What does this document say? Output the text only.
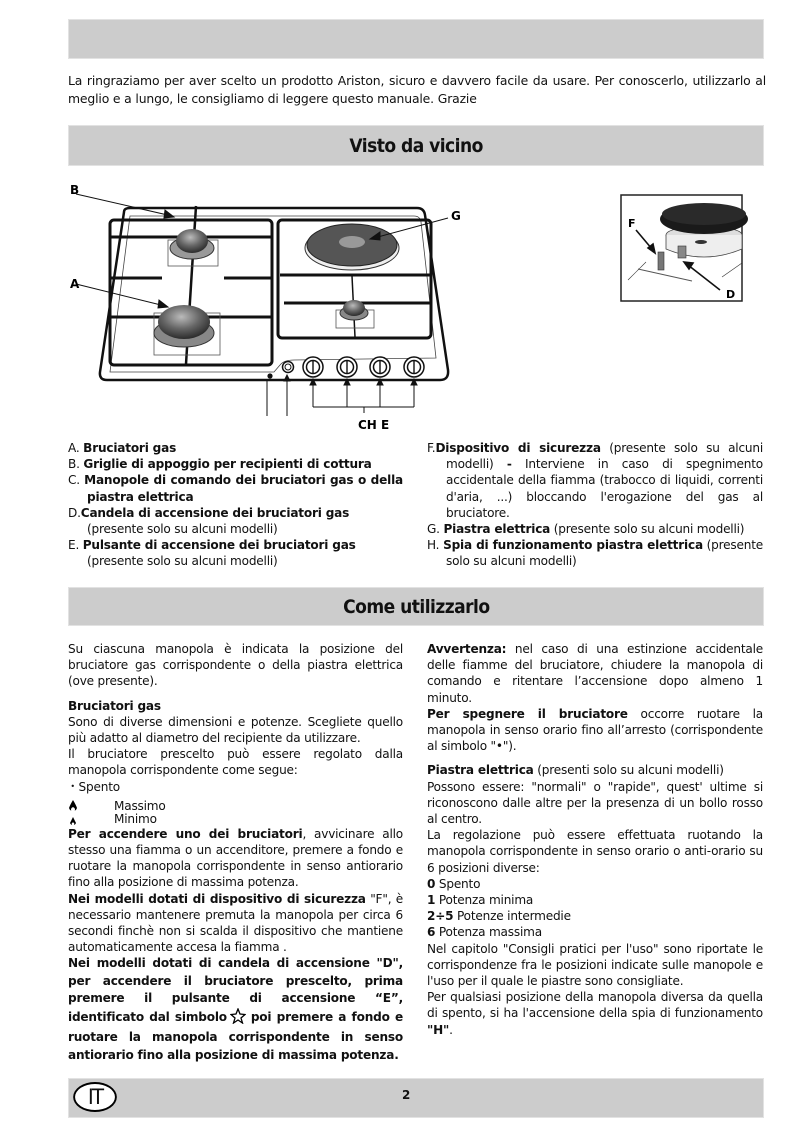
La ringraziamo per aver scelto un prodotto Ariston, sicuro e davvero facile da usare. Per conoscerlo, utilizzarlo al meglio e a lungo, le consigliamo di leggere questo manuale. Grazie
Visto da vicino
B
A
G
CH E
F
D

A. Bruciatori gas

B. Griglie di appoggio per recipienti di cottura

C. Manopole di comando dei bruciatori gas o della piastra elettrica

D.Candela di accensione dei bruciatori gas (presente solo su alcuni modelli)

E. Pulsante di accensione dei bruciatori gas (presente solo su alcuni modelli)

F.Dispositivo di sicurezza (presente solo su alcuni modelli) - Interviene in caso di spegnimento accidentale della fiamma (trabocco di liquidi, correnti d'aria, ...) bloccando l'erogazione del gas al bruciatore.

G. Piastra elettrica (presente solo su alcuni modelli)

H. Spia di funzionamento piastra elettrica (presente solo su alcuni modelli)

Come utilizzarlo

Su ciascuna manopola è indicata la posizione del bruciatore gas corrispondente o della piastra elettrica (ove presente).

Bruciatori gas

Sono di diverse dimensioni e potenze. Scegliete quello più adatto al diametro del recipiente da utilizzare.

Il bruciatore prescelto può essere regolato dalla manopola corrispondente come segue:

• Spento

Massimo
Minimo

Per accendere uno dei bruciatori, avvicinare allo stesso una fiamma o un accenditore, premere a fondo e ruotare la manopola corrispondente in senso antiorario fino alla posizione di massima potenza.

Nei modelli dotati di dispositivo di sicurezza "F", è necessario mantenere premuta la manopola per circa 6 secondi finchè non si scalda il dispositivo che mantiene automaticamente accesa la fiamma .

Nei modelli dotati di candela di accensione "D", per accendere il bruciatore prescelto, prima premere il pulsante di accensione “E”, identificato dal simbolo poi premere a fondo e ruotare la manopola corrispondente in senso antiorario fino alla posizione di massima potenza.

Avvertenza: nel caso di una estinzione accidentale delle fiamme del bruciatore, chiudere la manopola di comando e ritentare l’accensione dopo almeno 1 minuto.

Per spegnere il bruciatore occorre ruotare la manopola in senso orario fino all’arresto (corrispondente al simbolo "•").

Piastra elettrica (presenti solo su alcuni modelli)

Possono essere: "normali" o "rapide", quest' ultime si riconoscono dalle altre per la presenza di un bollo rosso al centro.

La regolazione può essere effettuata ruotando la manopola corrispondente in senso orario o anti-orario su 6 posizioni diverse:

0 Spento

1 Potenza minima

2÷5 Potenze intermedie

6 Potenza massima

Nel capitolo "Consigli pratici per l'uso" sono riportate le corrispondenze fra le posizioni indicate sulle manopole e l'uso per il quale le piastre sono consigliate.

Per qualsiasi posizione della manopola diversa da quella di spento, si ha l'accensione della spia di funzionamento "H".

IT	2
